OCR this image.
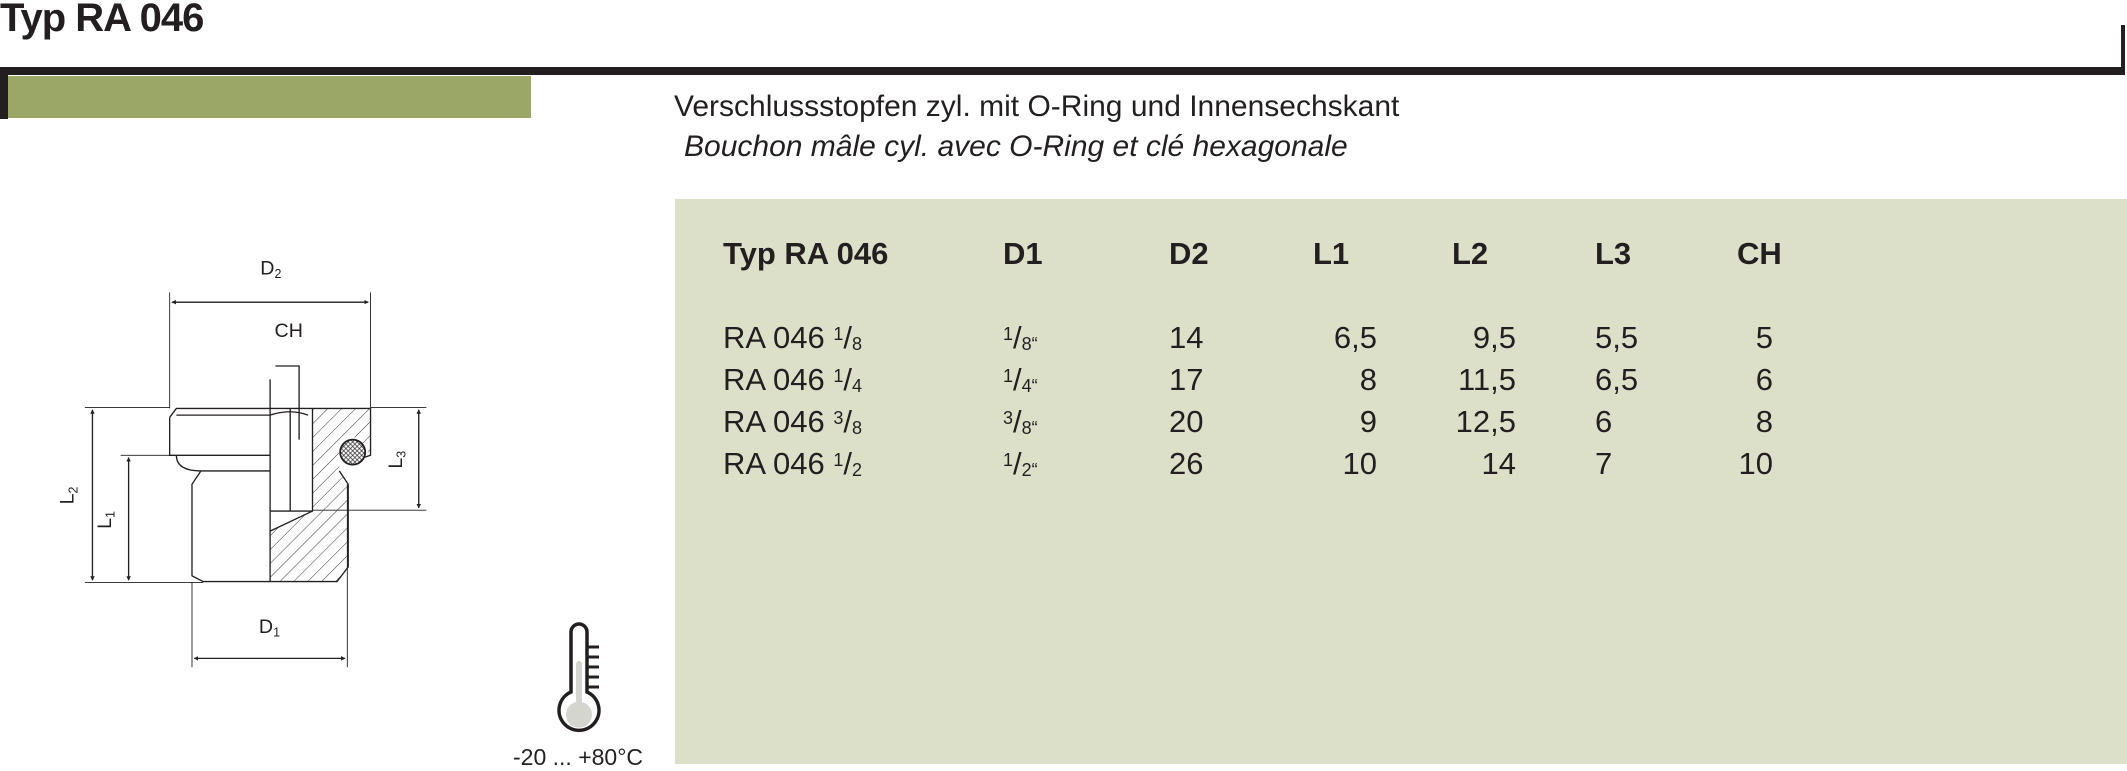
Typ RA 046
Verschlussstopfen zyl. mit O-Ring und Innensechskant
Bouchon mâle cyl. avec O-Ring et clé hexagonale
D2
CH
D1
L2
L1
L3
Typ RA 046	D1	D2	L1	L2	L3	CH
RA 046 $^1/_8$	$^1/_{8“}$	14	6,5	9,5	5,5	5
RA 046 $^1/_4$	$^1/_{4“}$	17	8	11,5	6,5	6
RA 046 $^3/_8$	$^3/_{8“}$	20	9	12,5	6	8
RA 046 $^1/_2$	$^1/_{2“}$	26	10	14	7	10
-20 ... +80°C
